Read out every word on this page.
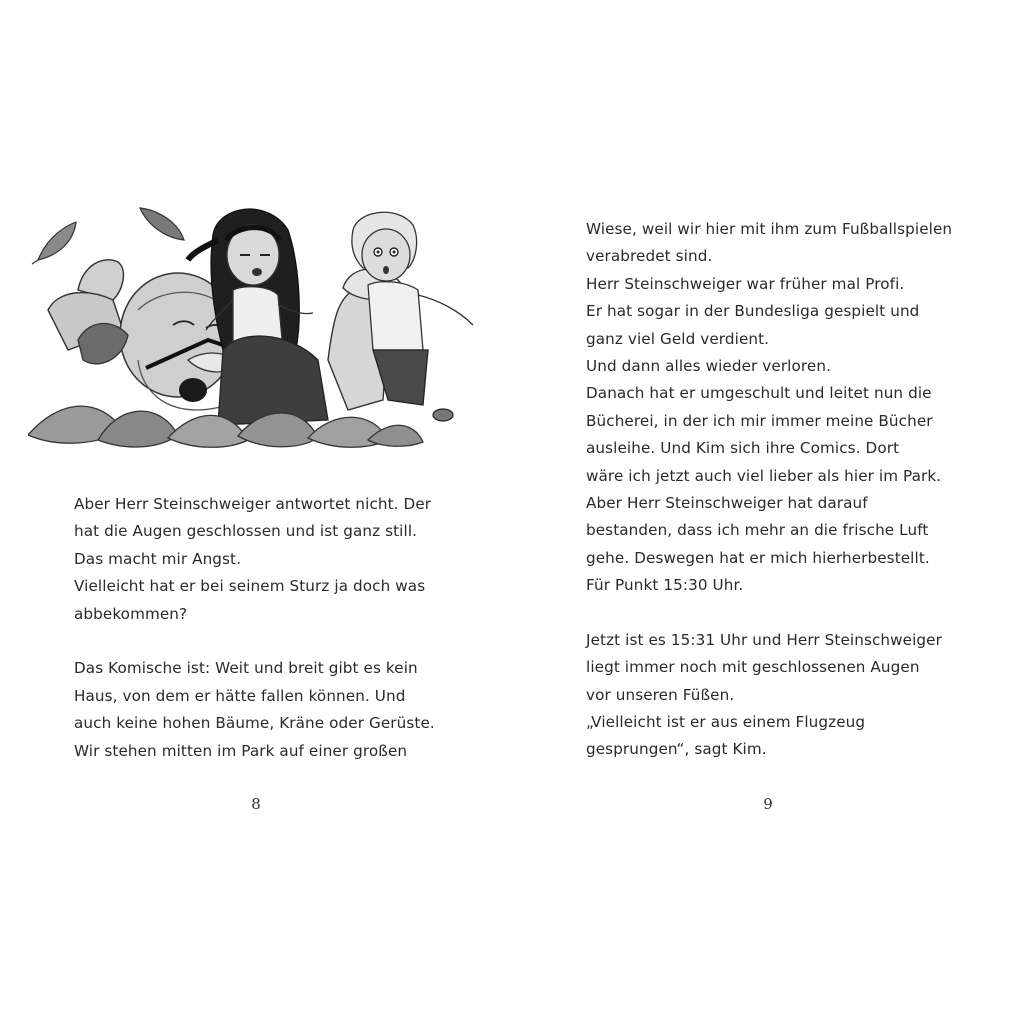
Aber Herr Steinschweiger antwortet nicht. Der
hat die Augen geschlossen und ist ganz still.
Das macht mir Angst.
Vielleicht hat er bei seinem Sturz ja doch was
abbekommen?
Das Komische ist: Weit und breit gibt es kein
Haus, von dem er hätte fallen können. Und
auch keine hohen Bäume, Kräne oder Gerüste.
Wir stehen mitten im Park auf einer großen
8
Wiese, weil wir hier mit ihm zum Fußballspielen
verabredet sind.
Herr Steinschweiger war früher mal Profi.
Er hat sogar in der Bundesliga gespielt und
ganz viel Geld verdient.
Und dann alles wieder verloren.
Danach hat er umgeschult und leitet nun die
Bücherei, in der ich mir immer meine Bücher
ausleihe. Und Kim sich ihre Comics. Dort
wäre ich jetzt auch viel lieber als hier im Park.
Aber Herr Steinschweiger hat darauf
bestanden, dass ich mehr an die frische Luft
gehe. Deswegen hat er mich hierherbestellt.
Für Punkt 15:30 Uhr.
Jetzt ist es 15:31 Uhr und Herr Steinschweiger
liegt immer noch mit geschlossenen Augen
vor unseren Füßen.
„Vielleicht ist er aus einem Flugzeug
gesprungen“, sagt Kim.
9
